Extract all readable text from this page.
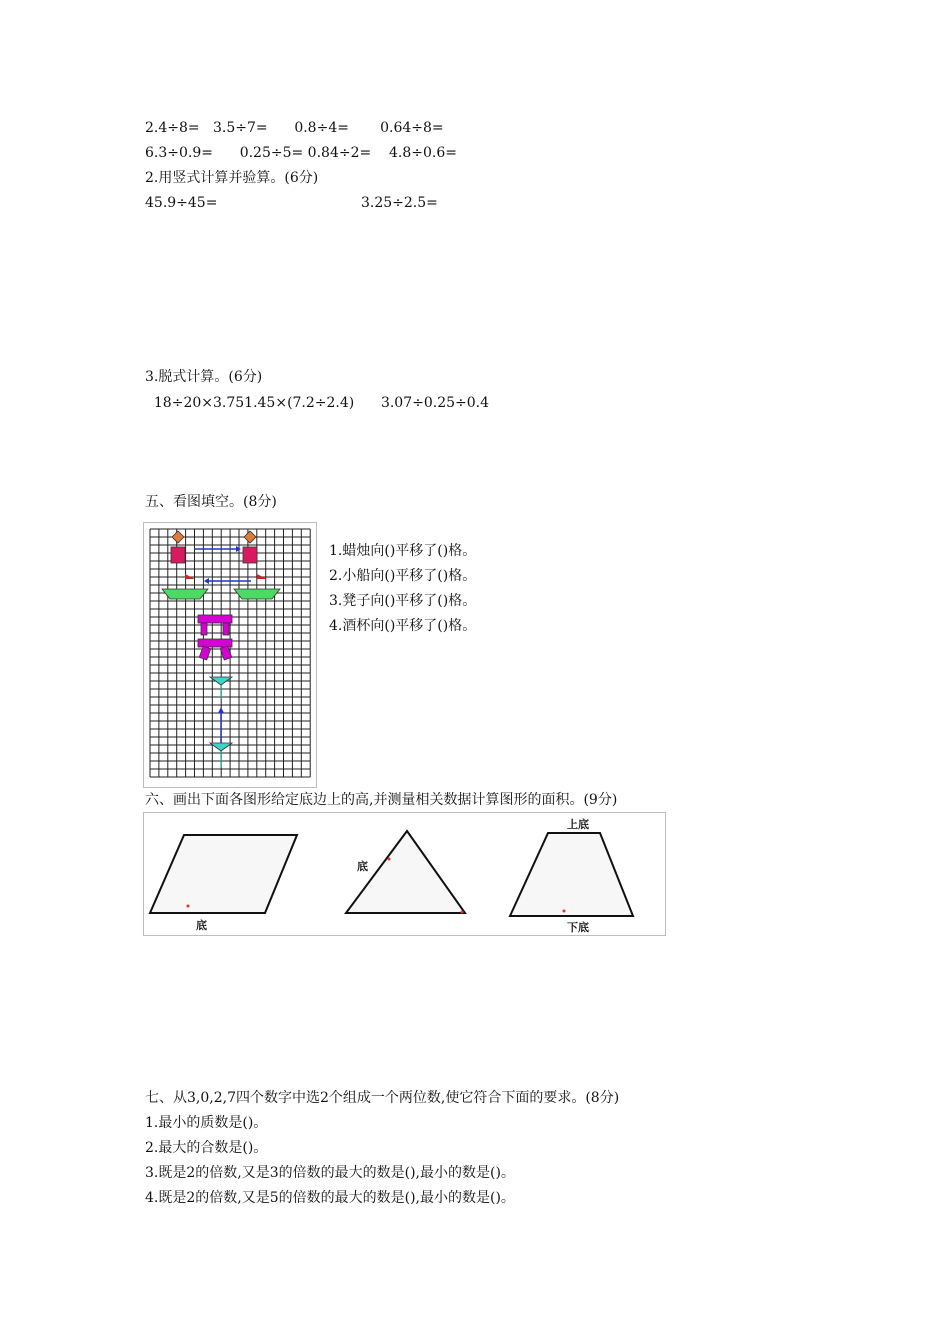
2.4÷8=   3.5÷7=      0.8÷4=       0.64÷8=
6.3÷0.9=      0.25÷5= 0.84÷2=    4.8÷0.6=
2.用竖式计算并验算。(6分)
45.9÷45=	3.25÷2.5=
3.脱式计算。(6分)
18÷20×3.751.45×(7.2÷2.4)      3.07÷0.25÷0.4
五、看图填空。(8分)
1.蜡烛向()平移了()格。
2.小船向()平移了()格。
3.凳子向()平移了()格。
4.酒杯向()平移了()格。
六、画出下面各图形给定底边上的高,并测量相关数据计算图形的面积。(9分)
底
底
上底
下底
七、从3,0,2,7四个数字中选2个组成一个两位数,使它符合下面的要求。(8分)
1.最小的质数是()。
2.最大的合数是()。
3.既是2的倍数,又是3的倍数的最大的数是(),最小的数是()。
4.既是2的倍数,又是5的倍数的最大的数是(),最小的数是()。
